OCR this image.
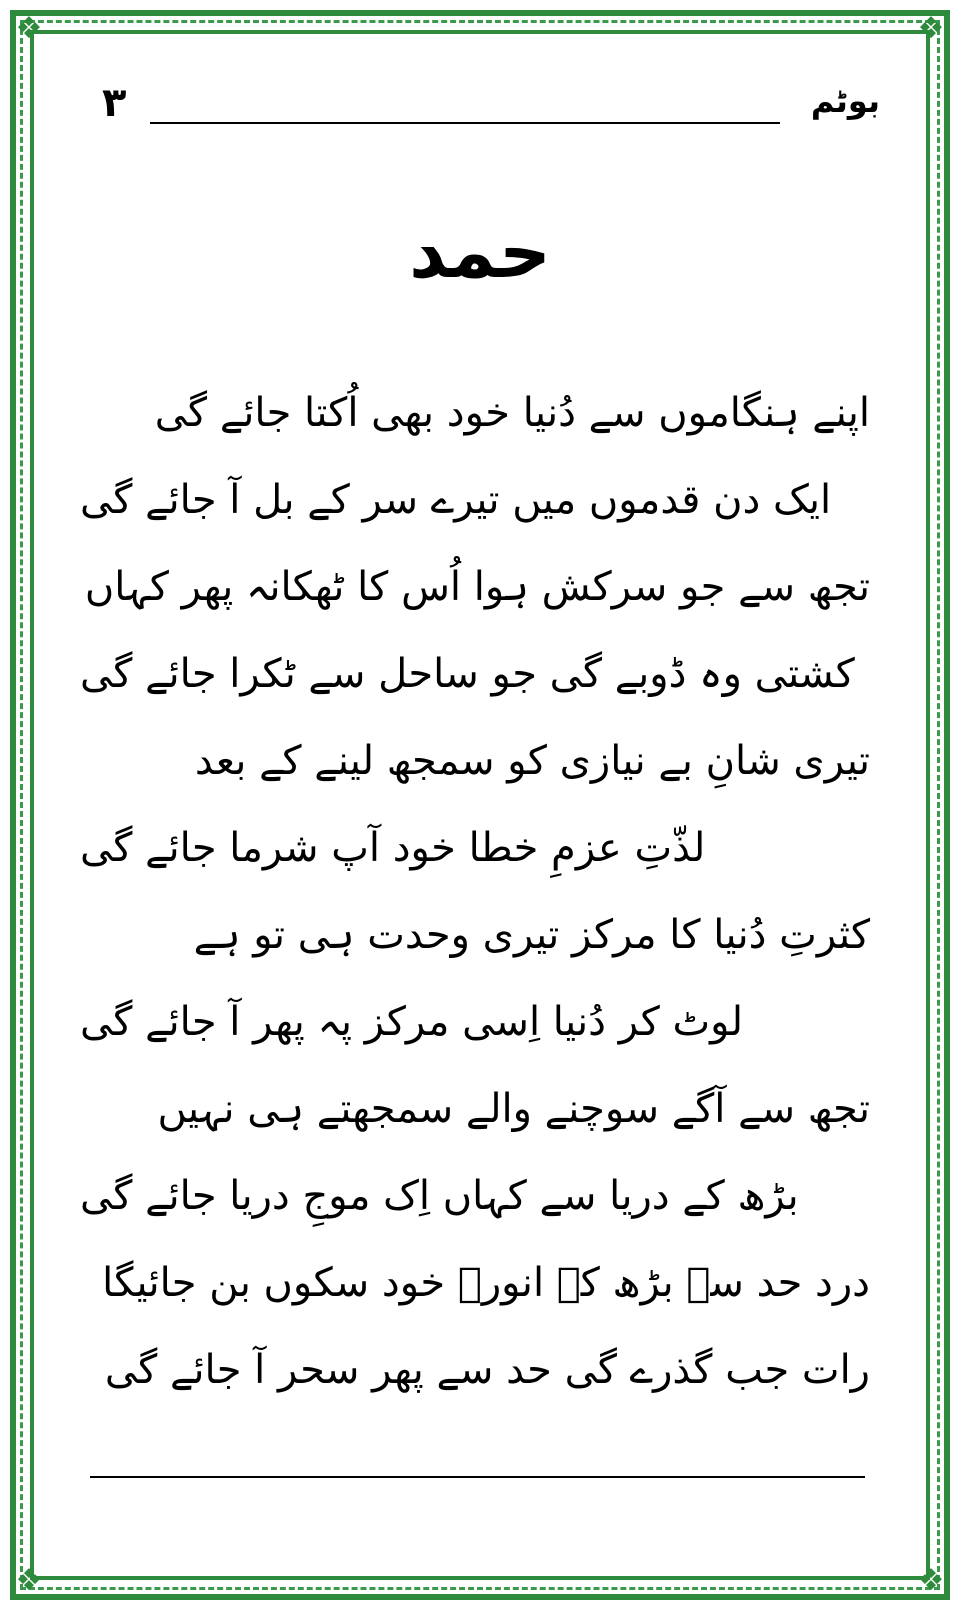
❖	❖
❖	❖
۳	بوٹم
حمد
اپنے ہنگاموں سے دُنیا خود بھی اُکتا جائے گی
ایک دن قدموں میں تیرے سر کے بل آ جائے گی
تجھ سے جو سرکش ہوا اُس کا ٹھکانہ پھر کہاں
کشتی وہ ڈوبے گی جو ساحل سے ٹکرا جائے گی
تیری شانِ بے نیازی کو سمجھ لینے کے بعد
لذّتِ عزمِ خطا خود آپ شرما جائے گی
کثرتِ دُنیا کا مرکز تیری وحدت ہی تو ہے
لوٹ کر دُنیا اِسی مرکز پہ پھر آ جائے گی
تجھ سے آگے سوچنے والے سمجھتے ہی نہیں
بڑھ کے دریا سے کہاں اِک موجِ دریا جائے گی
درد حد سے بڑھ کے انورؔ خود سکوں بن جائیگا
رات جب گذرے گی حد سے پھر سحر آ جائے گی
